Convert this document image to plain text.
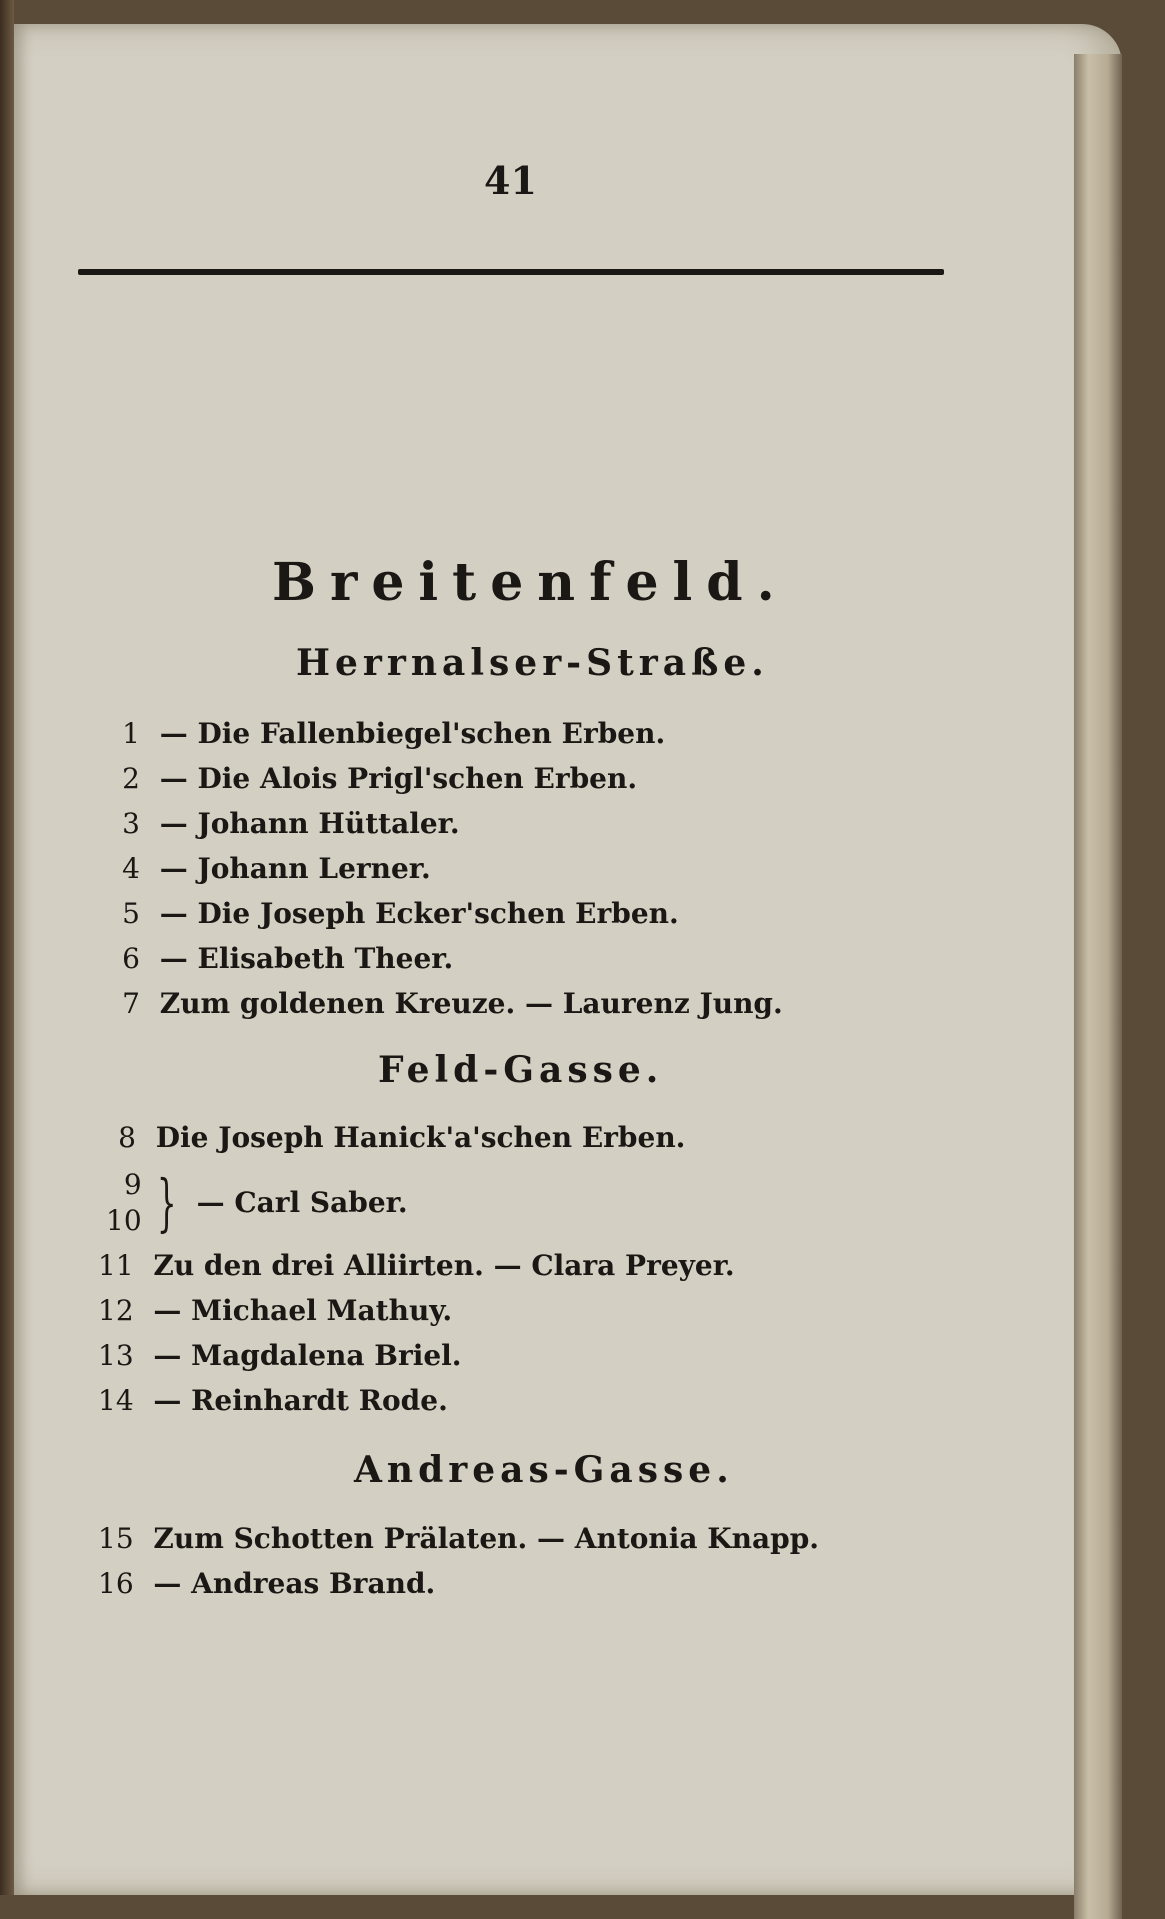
41
Breitenfeld.
Herrnalser-Straße.
1 — Die Fallenbiegel'schen Erben.
2 — Die Alois Prigl'schen Erben.
3 — Johann Hüttaler.
4 — Johann Lerner.
5 — Die Joseph Ecker'schen Erben.
6 — Elisabeth Theer.
7 Zum goldenen Kreuze. — Laurenz Jung.
Feld-Gasse.
8 Die Joseph Hanick'a'schen Erben.
9
10 } — Carl Saber.
11 Zu den drei Alliirten. — Clara Preyer.
12 — Michael Mathuy.
13 — Magdalena Briel.
14 — Reinhardt Rode.
Andreas-Gasse.
15 Zum Schotten Prälaten. — Antonia Knapp.
16 — Andreas Brand.
